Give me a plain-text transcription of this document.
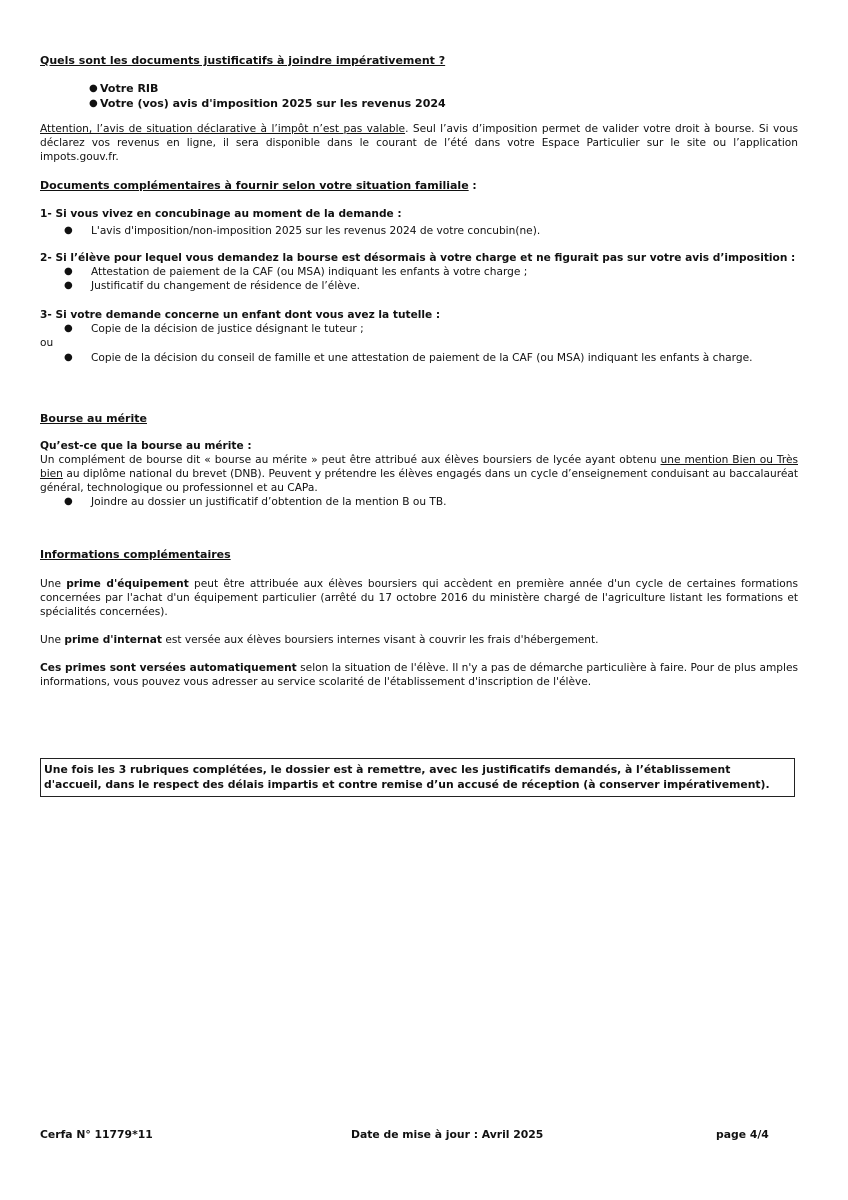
Quels sont les documents justificatifs à joindre impérativement ?
● Votre RIB
● Votre (vos) avis d'imposition 2025 sur les revenus 2024
Attention, l’avis de situation déclarative à l’impôt n’est pas valable. Seul l’avis d’imposition permet de valider votre droit à bourse. Si vous déclarez vos revenus en ligne, il sera disponible dans le courant de l’été dans votre Espace Particulier sur le site ou l’application impots.gouv.fr.
Documents complémentaires à fournir selon votre situation familiale :
1- Si vous vivez en concubinage au moment de la demande :
● L'avis d'imposition/non-imposition 2025 sur les revenus 2024 de votre concubin(ne).
2- Si l’élève pour lequel vous demandez la bourse est désormais à votre charge et ne figurait pas sur votre avis d’imposition :
● Attestation de paiement de la CAF (ou MSA) indiquant les enfants à votre charge ;
● Justificatif du changement de résidence de l’élève.
3- Si votre demande concerne un enfant dont vous avez la tutelle :
● Copie de la décision de justice désignant le tuteur ;
ou
● Copie de la décision du conseil de famille et une attestation de paiement de la CAF (ou MSA) indiquant les enfants à charge.
Bourse au mérite
Qu’est-ce que la bourse au mérite :
Un complément de bourse dit « bourse au mérite » peut être attribué aux élèves boursiers de lycée ayant obtenu une mention Bien ou Très bien au diplôme national du brevet (DNB). Peuvent y prétendre les élèves engagés dans un cycle d’enseignement conduisant au baccalauréat général, technologique ou professionnel et au CAPa.
● Joindre au dossier un justificatif d’obtention de la mention B ou TB.
Informations complémentaires
Une prime d'équipement peut être attribuée aux élèves boursiers qui accèdent en première année d'un cycle de certaines formations concernées par l'achat d'un équipement particulier (arrêté du 17 octobre 2016 du ministère chargé de l'agriculture listant les formations et spécialités concernées).
Une prime d'internat est versée aux élèves boursiers internes visant à couvrir les frais d'hébergement.
Ces primes sont versées automatiquement selon la situation de l'élève. Il n'y a pas de démarche particulière à faire. Pour de plus amples informations, vous pouvez vous adresser au service scolarité de l'établissement d'inscription de l'élève.
Une fois les 3 rubriques complétées, le dossier est à remettre, avec les justificatifs demandés, à l’établissement d'accueil, dans le respect des délais impartis et contre remise d’un accusé de réception (à conserver impérativement).
Cerfa N° 11779*11	Date de mise à jour : Avril 2025	page 4/4
